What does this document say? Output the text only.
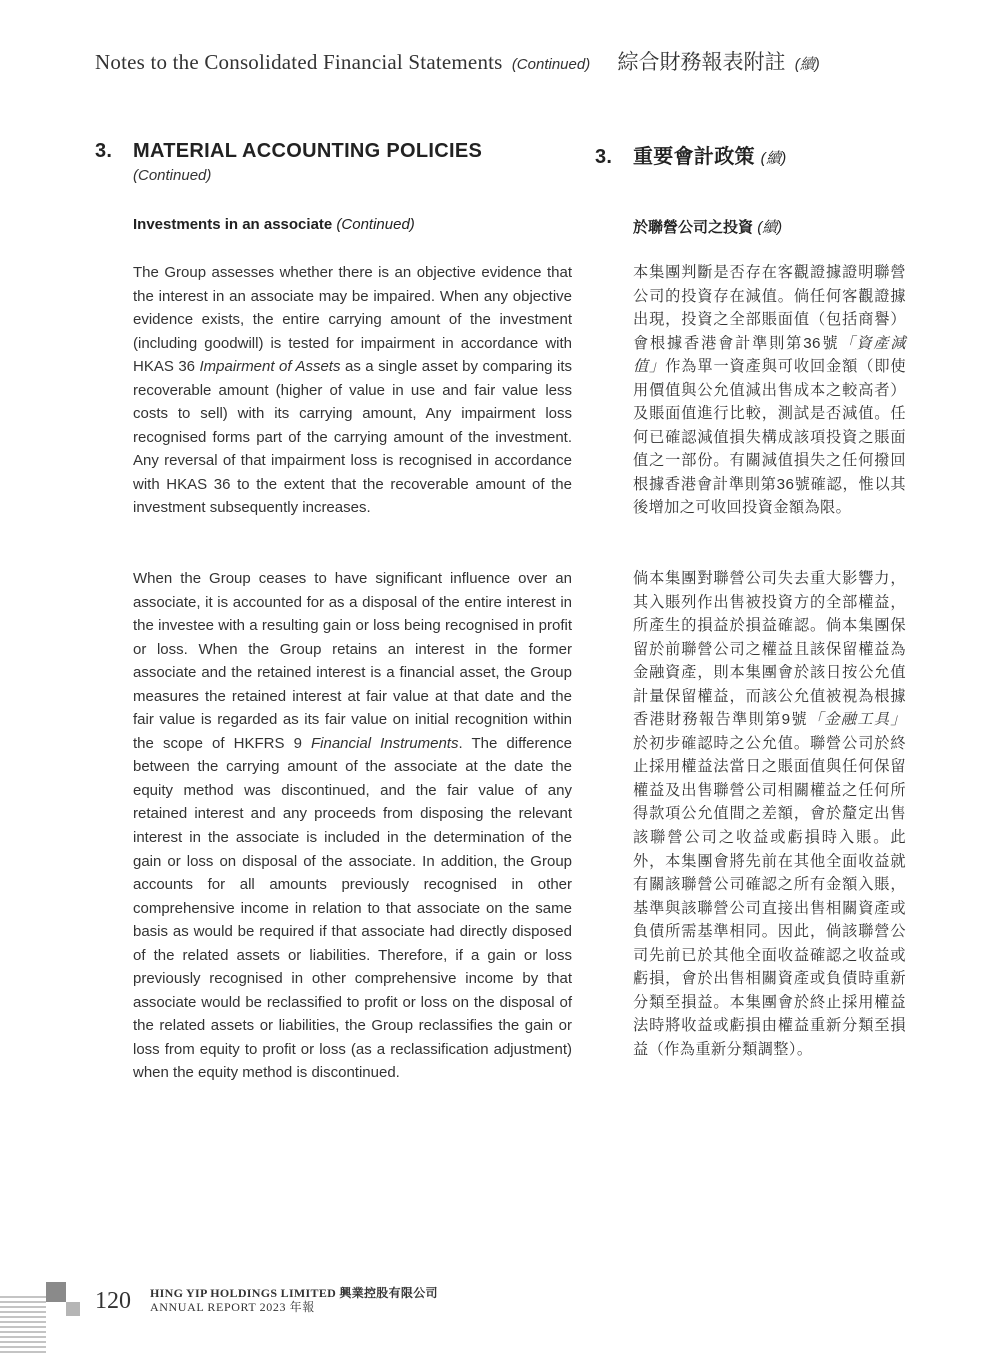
Notes to the Consolidated Financial Statements (Continued) 綜合財務報表附註 (續)
3. MATERIAL ACCOUNTING POLICIES
(Continued)
3. 重要會計政策 (續)
Investments in an associate (Continued)	於聯營公司之投資 (續)
The Group assesses whether there is an objective evidence that the interest in an associate may be impaired. When any objective evidence exists, the entire carrying amount of the investment (including goodwill) is tested for impairment in accordance with HKAS 36 Impairment of Assets as a single asset by comparing its recoverable amount (higher of value in use and fair value less costs to sell) with its carrying amount, Any impairment loss recognised forms part of the carrying amount of the investment. Any reversal of that impairment loss is recognised in accordance with HKAS 36 to the extent that the recoverable amount of the investment subsequently increases.
When the Group ceases to have significant influence over an associate, it is accounted for as a disposal of the entire interest in the investee with a resulting gain or loss being recognised in profit or loss. When the Group retains an interest in the former associate and the retained interest is a financial asset, the Group measures the retained interest at fair value at that date and the fair value is regarded as its fair value on initial recognition within the scope of HKFRS 9 Financial Instruments. The difference between the carrying amount of the associate at the date the equity method was discontinued, and the fair value of any retained interest and any proceeds from disposing the relevant interest in the associate is included in the determination of the gain or loss on disposal of the associate. In addition, the Group accounts for all amounts previously recognised in other comprehensive income in relation to that associate on the same basis as would be required if that associate had directly disposed of the related assets or liabilities. Therefore, if a gain or loss previously recognised in other comprehensive income by that associate would be reclassified to profit or loss on the disposal of the related assets or liabilities, the Group reclassifies the gain or loss from equity to profit or loss (as a reclassification adjustment) when the equity method is discontinued.
本集團判斷是否存在客觀證據證明聯營公司的投資存在減值。倘任何客觀證據出現，投資之全部賬面值（包括商譽）會根據香港會計準則第36號「資產減值」作為單一資產與可收回金額（即使用價值與公允值減出售成本之較高者）及賬面值進行比較，測試是否減值。任何已確認減值損失構成該項投資之賬面值之一部份。有關減值損失之任何撥回根據香港會計準則第36號確認，惟以其後增加之可收回投資金額為限。
倘本集團對聯營公司失去重大影響力，其入賬列作出售被投資方的全部權益，所產生的損益於損益確認。倘本集團保留於前聯營公司之權益且該保留權益為金融資產，則本集團會於該日按公允值計量保留權益，而該公允值被視為根據香港財務報告準則第9號「金融工具」於初步確認時之公允值。聯營公司於終止採用權益法當日之賬面值與任何保留權益及出售聯營公司相關權益之任何所得款項公允值間之差額，會於釐定出售該聯營公司之收益或虧損時入賬。此外，本集團會將先前在其他全面收益就有關該聯營公司確認之所有金額入賬，基準與該聯營公司直接出售相關資產或負債所需基準相同。因此，倘該聯營公司先前已於其他全面收益確認之收益或虧損，會於出售相關資產或負債時重新分類至損益。本集團會於終止採用權益法時將收益或虧損由權益重新分類至損益（作為重新分類調整）。
120 HING YIP HOLDINGS LIMITED 興業控股有限公司
ANNUAL REPORT 2023 年報
